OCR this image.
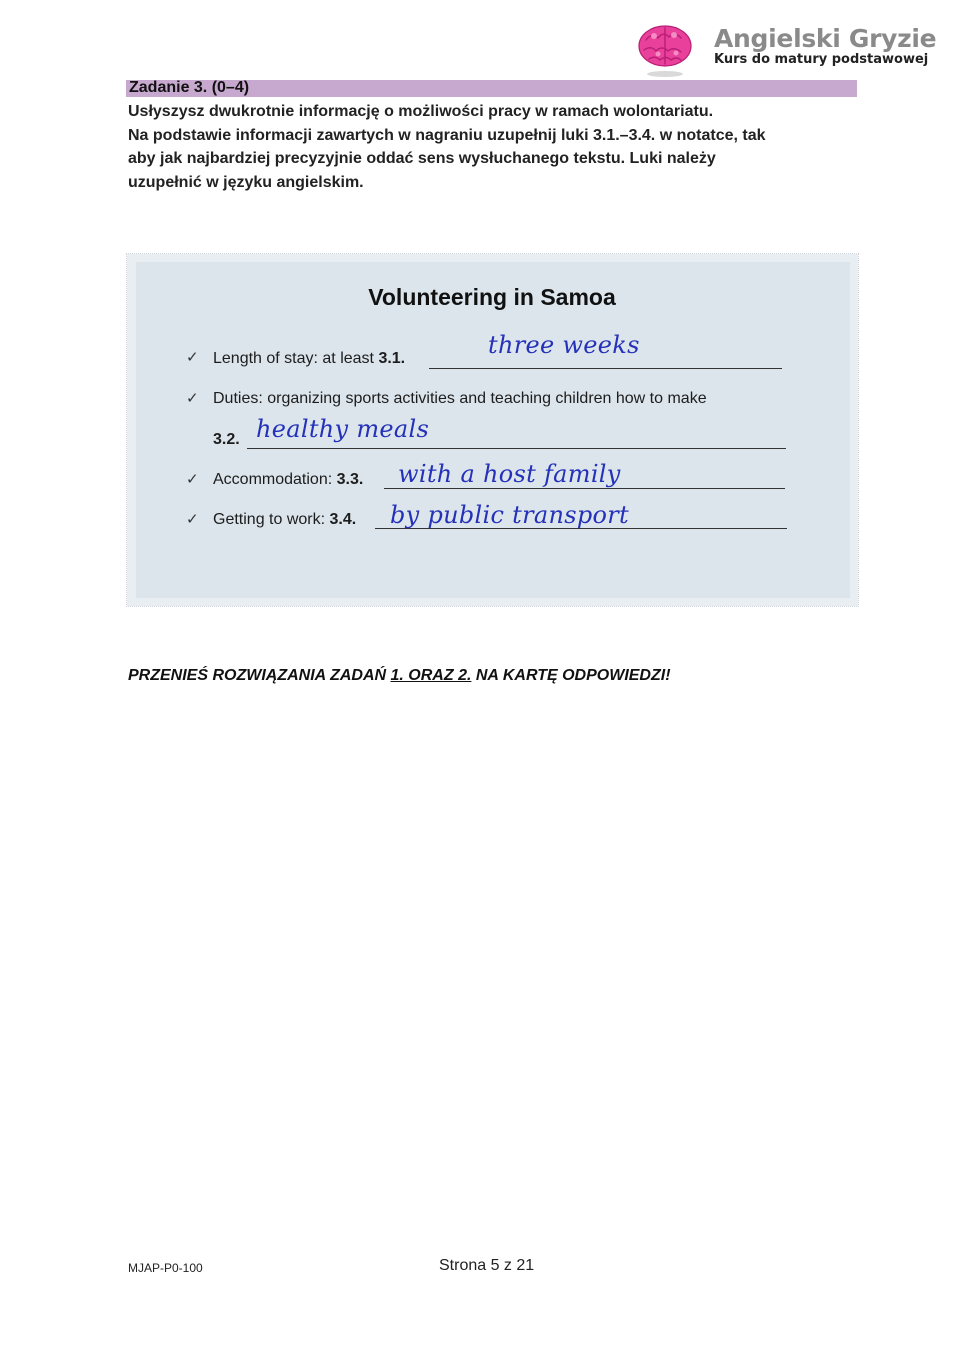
Angielski Gryzie
Kurs do matury podstawowej
Zadanie 3. (0–4)
Usłyszysz dwukrotnie informację o możliwości pracy w ramach wolontariatu.
Na podstawie informacji zawartych w nagraniu uzupełnij luki 3.1.–3.4. w notatce, tak
aby jak najbardziej precyzyjnie oddać sens wysłuchanego tekstu. Luki należy
uzupełnić w języku angielskim.
Volunteering in Samoa
✓ Length of stay: at least 3.1.	three weeks
✓ Duties: organizing sports activities and teaching children how to make
3.2. healthy meals
✓ Accommodation: 3.3. with a host family
✓ Getting to work: 3.4. by public transport
PRZENIEŚ ROZWIĄZANIA ZADAŃ 1. ORAZ 2. NA KARTĘ ODPOWIEDZI!
MJAP-P0-100	Strona 5 z 21
